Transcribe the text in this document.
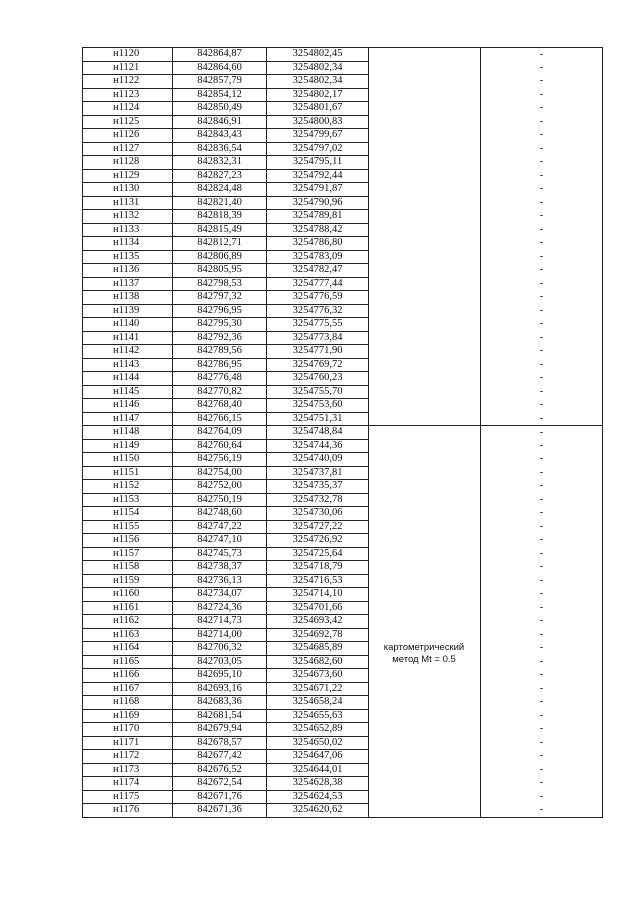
н1120	842864,87	3254802,45		-
н1121	842864,60	3254802,34		-
н1122	842857,79	3254802,34		-
н1123	842854,12	3254802,17		-
н1124	842850,49	3254801,67		-
н1125	842846,91	3254800,83		-
н1126	842843,43	3254799,67		-
н1127	842836,54	3254797,02		-
н1128	842832,31	3254795,11		-
н1129	842827,23	3254792,44		-
н1130	842824,48	3254791,87		-
н1131	842821,40	3254790,96		-
н1132	842818,39	3254789,81		-
н1133	842815,49	3254788,42		-
н1134	842812,71	3254786,80		-
н1135	842806,89	3254783,09		-
н1136	842805,95	3254782,47		-
н1137	842798,53	3254777,44		-
н1138	842797,32	3254776,59		-
н1139	842796,95	3254776,32		-
н1140	842795,30	3254775,55		-
н1141	842792,36	3254773,84		-
н1142	842789,56	3254771,90		-
н1143	842786,95	3254769,72		-
н1144	842776,48	3254760,23		-
н1145	842770,82	3254755,70		-
н1146	842768,40	3254753,60		-
н1147	842766,15	3254751,31		-
н1148	842764,09	3254748,84		-
н1149	842760,64	3254744,36		-
н1150	842756,19	3254740,09		-
н1151	842754,00	3254737,81		-
н1152	842752,00	3254735,37		-
н1153	842750,19	3254732,78		-
н1154	842748,60	3254730,06		-
н1155	842747,22	3254727,22		-
н1156	842747,10	3254726,92		-
н1157	842745,73	3254725,64		-
н1158	842738,37	3254718,79		-
н1159	842736,13	3254716,53		-
н1160	842734,07	3254714,10		-
н1161	842724,36	3254701,66		-
н1162	842714,73	3254693,42		-
н1163	842714,00	3254692,78		-
н1164	842706,32	3254685,89		-
н1165	842703,05	3254682,60		-
н1166	842695,10	3254673,60		-
н1167	842693,16	3254671,22		-
н1168	842683,36	3254658,24		-
н1169	842681,54	3254655,63		-
н1170	842679,94	3254652,89		-
н1171	842678,57	3254650,02		-
н1172	842677,42	3254647,06		-
н1173	842676,52	3254644,01		-
н1174	842672,54	3254628,38		-
н1175	842671,76	3254624,53		-
н1176	842671,36	3254620,62		-
картометрический
метод Mt = 0.5
